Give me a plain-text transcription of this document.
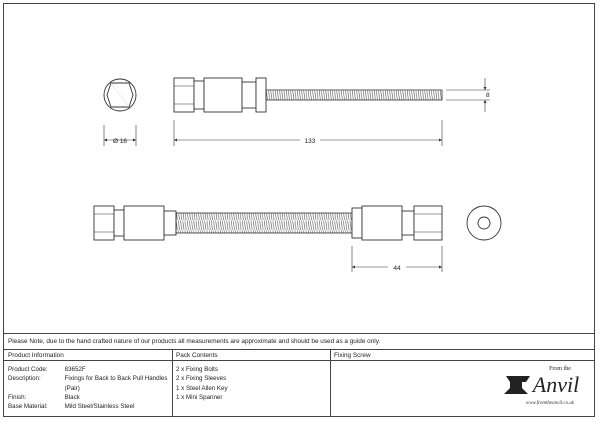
Ø 16
8
133
44
Please Note, due to the hand crafted nature of our products all measurements are approximate and should be used as a guide only.
Product Information	Pack Contents	Fixing Screw
Product Code:	83652F
Description:	Fixings for Back to Back Pull Handles (Pair)
Finish:	Black
Base Material:	Mild Steel/Stainless Steel
2 x Fixing Bolts
2 x Fixing Sleeves
1 x Steel Allen Key
1 x Mini Spanner
From the
Anvil
www.fromtheanvil.co.uk
